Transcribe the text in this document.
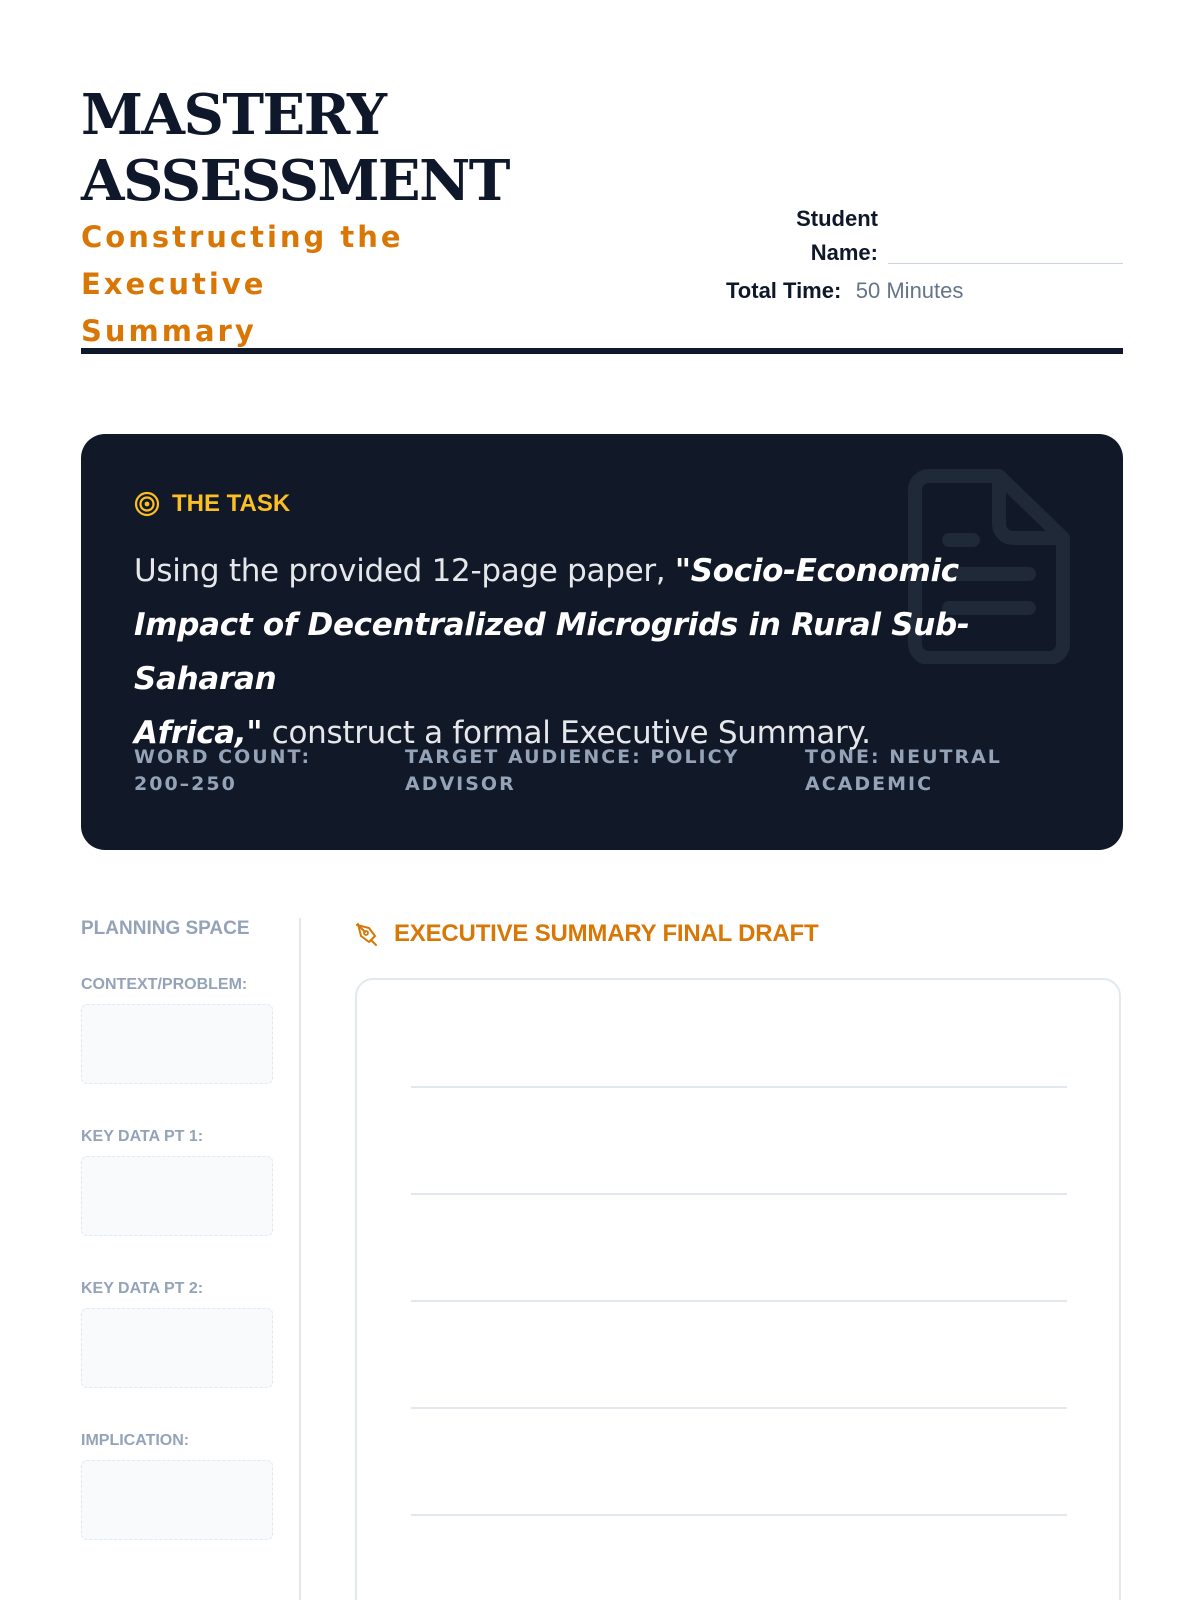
MASTERY
ASSESSMENT
Constructing the Executive
Summary
Student
Name:
Total Time: 50 Minutes
THE TASK
Using the provided 12-page paper, "Socio-Economic
Impact of Decentralized Microgrids in Rural Sub-Saharan
Africa," construct a formal Executive Summary.
WORD COUNT:
200–250
TARGET AUDIENCE: POLICY
ADVISOR
TONE: NEUTRAL
ACADEMIC
PLANNING SPACE
CONTEXT/PROBLEM:
KEY DATA PT 1:
KEY DATA PT 2:
IMPLICATION:
EXECUTIVE SUMMARY FINAL DRAFT
